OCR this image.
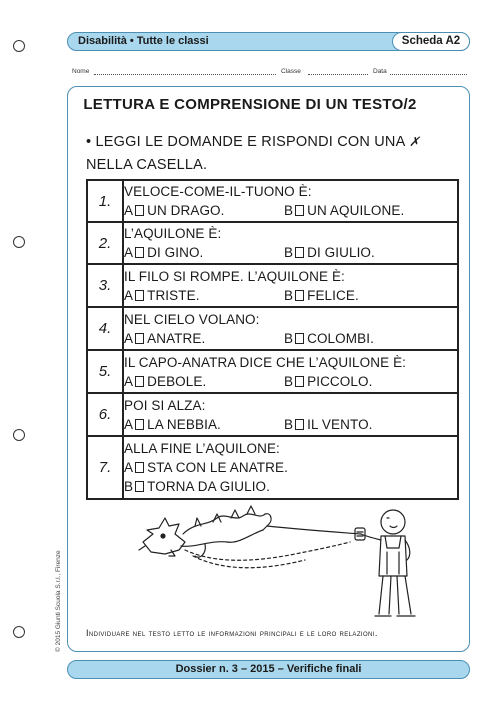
Disabilità • Tutte le classi	Scheda A2
Nome	Classe	Data
LETTURA E COMPRENSIONE DI UN TESTO/2
• LEGGI LE DOMANDE E RISPONDI CON UNA ✗
NELLA CASELLA.
1.	VELOCE-COME-IL-TUONO È:
A UN DRAGO. B UN AQUILONE.

2.	L’AQUILONE È:
A DI GINO. B DI GIULIO.

3.	IL FILO SI ROMPE. L’AQUILONE È:
A TRISTE. B FELICE.

4.	NEL CIELO VOLANO:
A ANATRE. B COLOMBI.

5.	IL CAPO-ANATRA DICE CHE L’AQUILONE È:
A DEBOLE. B PICCOLO.

6.	POI SI ALZA:
A LA NEBBIA. B IL VENTO.

7.	ALLA FINE L’AQUILONE:
A STA CON LE ANATRE.
B TORNA DA GIULIO.
Individuare nel testo letto le informazioni principali e le loro relazioni.
© 2015 Giunti Scuola S.r.l., Firenze
Dossier n. 3 – 2015 – Verifiche finali
